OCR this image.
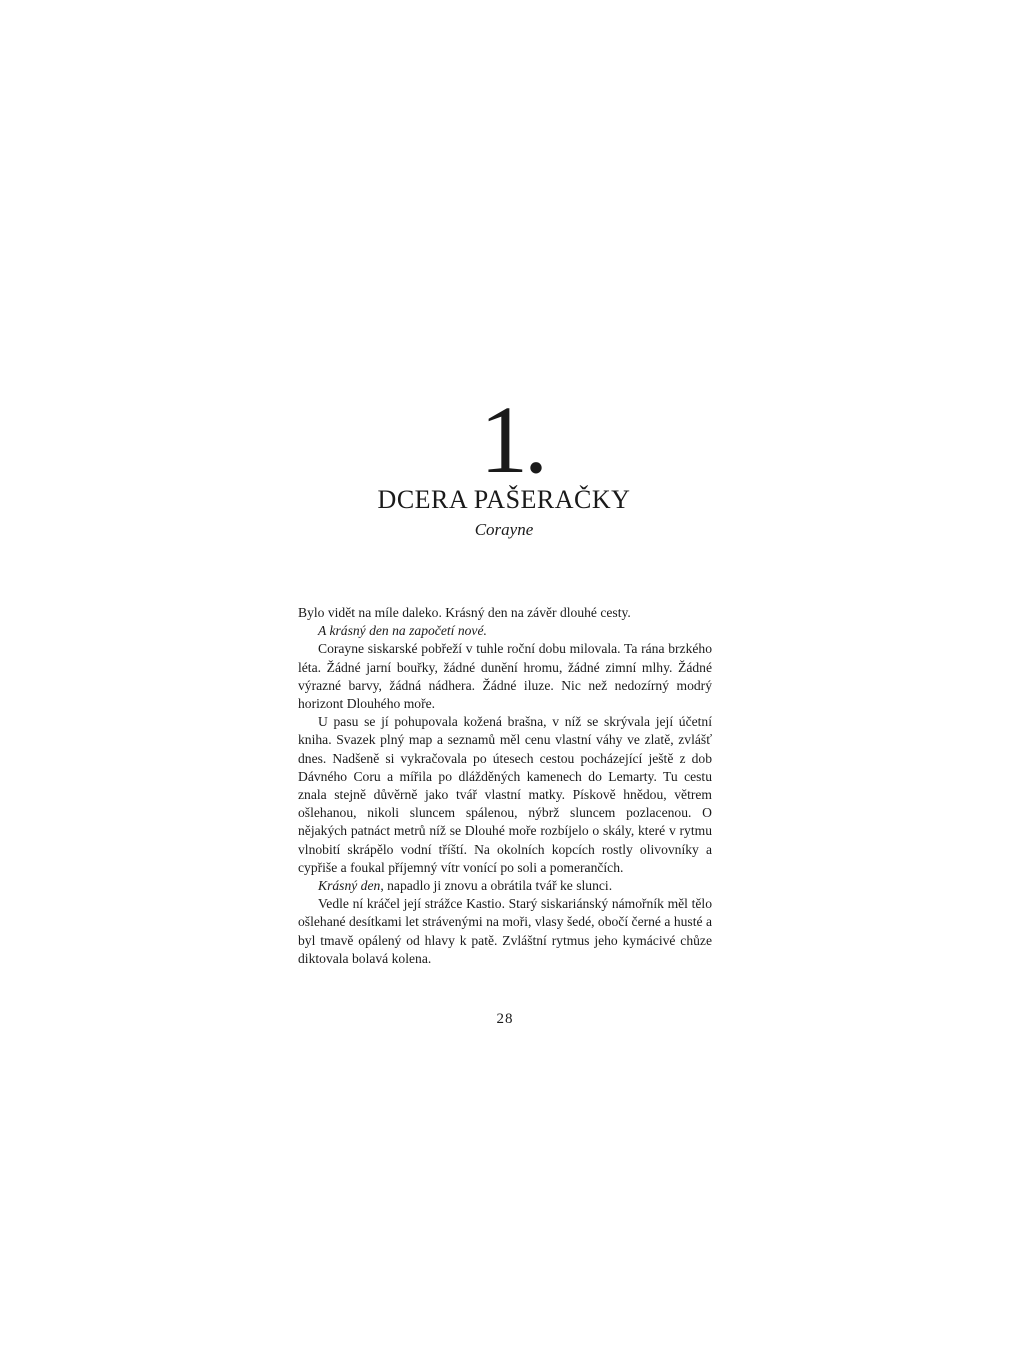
1.
DCERA PAŠERAČKY
Corayne

Bylo vidět na míle daleko. Krásný den na závěr dlouhé cesty.

A krásný den na započetí nové.

Corayne siskarské pobřeží v tuhle roční dobu milovala. Ta rána brzkého léta. Žádné jarní bouřky, žádné dunění hromu, žádné zimní mlhy. Žádné výrazné barvy, žádná nádhera. Žádné iluze. Nic než nedozírný modrý horizont Dlouhého moře.

U pasu se jí pohupovala kožená brašna, v níž se skrývala její účetní kniha. Svazek plný map a seznamů měl cenu vlastní váhy ve zlatě, zvlášť dnes. Nadšeně si vykračovala po útesech cestou pocházející ještě z dob Dávného Coru a mířila po dlážděných kamenech do Lemarty. Tu cestu znala stejně důvěrně jako tvář vlastní matky. Pískově hnědou, větrem ošlehanou, nikoli sluncem spálenou, nýbrž sluncem pozlacenou. O nějakých patnáct metrů níž se Dlouhé moře rozbíjelo o skály, které v rytmu vlnobití skrápělo vodní tříští. Na okolních kopcích rostly olivovníky a cypřiše a foukal příjemný vítr vonící po soli a pomerančích.

Krásný den, napadlo ji znovu a obrátila tvář ke slunci.

Vedle ní kráčel její strážce Kastio. Starý siskariánský námořník měl tělo ošlehané desítkami let strávenými na moři, vlasy šedé, obočí černé a husté a byl tmavě opálený od hlavy k patě. Zvláštní rytmus jeho kymácivé chůze diktovala bolavá kolena.

28
